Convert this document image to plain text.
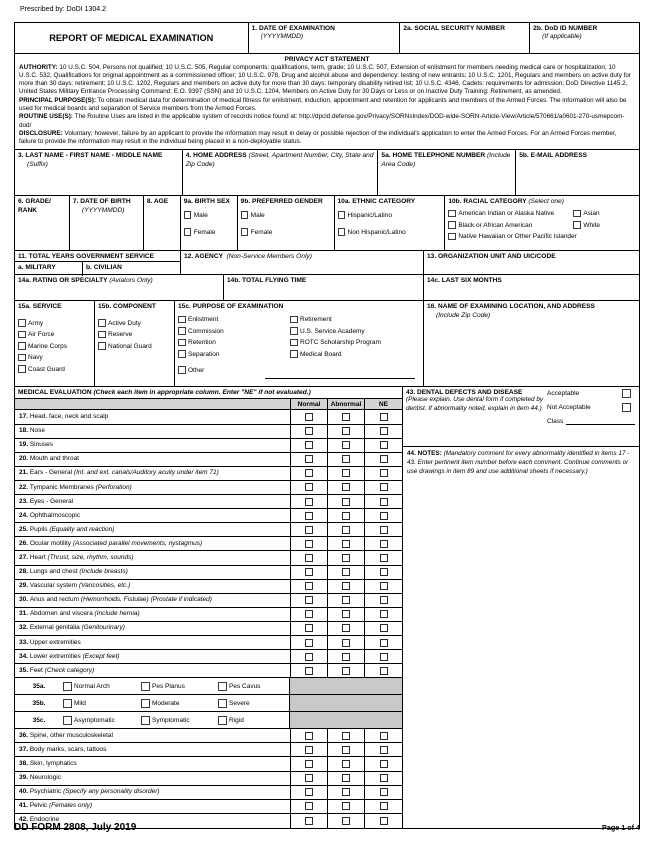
Prescribed by: DoDI 1304.2
REPORT OF MEDICAL EXAMINATION
1. DATE OF EXAMINATION
(YYYYMMDD)
2a. SOCIAL SECURITY NUMBER	2b. DoD ID NUMBER
(If applicable)
PRIVACY ACT STATEMENT

AUTHORITY: 10 U.S.C. 504, Persons not qualified; 10 U.S.C. 505, Regular components: qualifications, term, grade; 10 U.S.C. 507, Extension of enlistment for members needing medical care or hospitalization; 10 U.S.C. 532, Qualifications for original appointment as a commissioned officer; 10 U.S.C. 978, Drug and alcohol abuse and dependency: testing of new entrants; 10 U.S.C. 1201, Regulars and members on active duty for more than 30 days: retirement; 10 U.S.C. 1202, Regulars and members on active duty for more than 30 days: temporary disability retired list; 10 U.S.C. 4346, Cadets: requirements for admission; DoD Directive 1145.2, United States Military Entrance Processing Command; E.O. 9397 (SSN) and 10 U.S.C. 1204, Members on Active Duty for 30 Days or Less or on Inactive Duty Training: Retirement, as amended.

PRINCIPAL PURPOSE(S): To obtain medical data for determination of medical fitness for enlistment, induction, appointment and retention for applicants and members of the Armed Forces. The information will also be used for medical boards and separation of Service members from the Armed Forces.

ROUTINE USE(S): The Routine Uses are listed in the applicable system of records notice found at: http://dpcld.defense.gov/Privacy/SORNsIndex/DOD-wide-SORN-Article-View/Article/570661/a0601-270-usmepcom-dod/

DISCLOSURE: Voluntary; however, failure by an applicant to provide the information may result in delay or possible rejection of the individual's application to enter the Armed Forces. For an Armed Forces member, failure to provide the information may result in the individual being placed in a non-deployable status.

3. LAST NAME - FIRST NAME - MIDDLE NAME
(Suffix)
4. HOME ADDRESS (Street, Apartment Number, City, State and Zip Code)
5a. HOME TELEPHONE NUMBER (Include Area Code)
5b. E-MAIL ADDRESS
6. GRADE/ RANK
7. DATE OF BIRTH
(YYYYMMDD)
8. AGE	9a. BIRTH SEX
Male
Female
9b. PREFERRED GENDER
Male
Female
10a. ETHNIC CATEGORY
Hispanic/Latino
Non Hispanic/Latino
10b. RACIAL CATEGORY (Select one)
American Indian or Alaska Native
Black or African American
Asian
White
Native Hawaiian or Other Pacific Islander
11. TOTAL YEARS GOVERNMENT SERVICE
a. MILITARY	b. CIVILIAN
12. AGENCY (Non-Service Members Only)	13. ORGANIZATION UNIT AND UIC/CODE
14a. RATING OR SPECIALTY (Aviators Only)	14b. TOTAL FLYING TIME	14c. LAST SIX MONTHS
15a. SERVICE
Army
Air Force
Marine Corps
Navy
Coast Guard
15b. COMPONENT
Active Duty
Reserve
National Guard
15c. PURPOSE OF EXAMINATION
Enlistment
Commission
Retention
Separation
Retirement
U.S. Service Academy
ROTC Scholarship Program
Medical Board
Other
16. NAME OF EXAMINING LOCATION, AND ADDRESS
(Include Zip Code)
MEDICAL EVALUATION (Check each item in appropriate column. Enter "NE" if not evaluated.)
Normal	Abnormal	NE
17. Head, face, neck and scalp
18. Nose
19. Sinuses
20. Mouth and throat
21. Ears - General (Int. and ext. canals/Auditory acuity under item 71)
22. Tympanic Membranes (Perforation)
23. Eyes - General
24. Ophthalmoscopic
25. Pupils (Equality and reaction)
26. Ocular motility (Associated parallel movements, nystagmus)
27. Heart (Thrust, size, rhythm, sounds)
28. Lungs and chest (Include breasts)
29. Vascular system (Varicosities, etc.)
30. Anus and rectum (Hemorrhoids, Fistulae) (Prostate if indicated)
31. Abdomen and viscera (Include hernia)
32. External genitalia (Genitourinary)
33. Upper extremities
34. Lower extremities (Except feet)
35. Feet (Check category)
35a.	Normal Arch	Pes Planus	Pes Cavus
35b.	Mild	Moderate	Severe
35c.	Asymptomatic	Symptomatic	Rigid
36. Spine, other musculoskeletal
37. Body marks, scars, tattoos
38. Skin, lymphatics
39. Neurologic
40. Psychiatric (Specify any personality disorder)
41. Pelvic (Females only)
42. Endocrine
43. DENTAL DEFECTS AND DISEASE
(Please explain. Use dental form if completed by dentist. If abnormality noted, explain in item 44.)
Acceptable
Not Acceptable
Class
44. NOTES: (Mandatory comment for every abnormality identified in items 17 - 43. Enter pertinent item number before each comment. Continue comments or use drawings in item 89 and use additional sheets if necessary.)
DD FORM 2808, July 2019	Page 1 of 4
